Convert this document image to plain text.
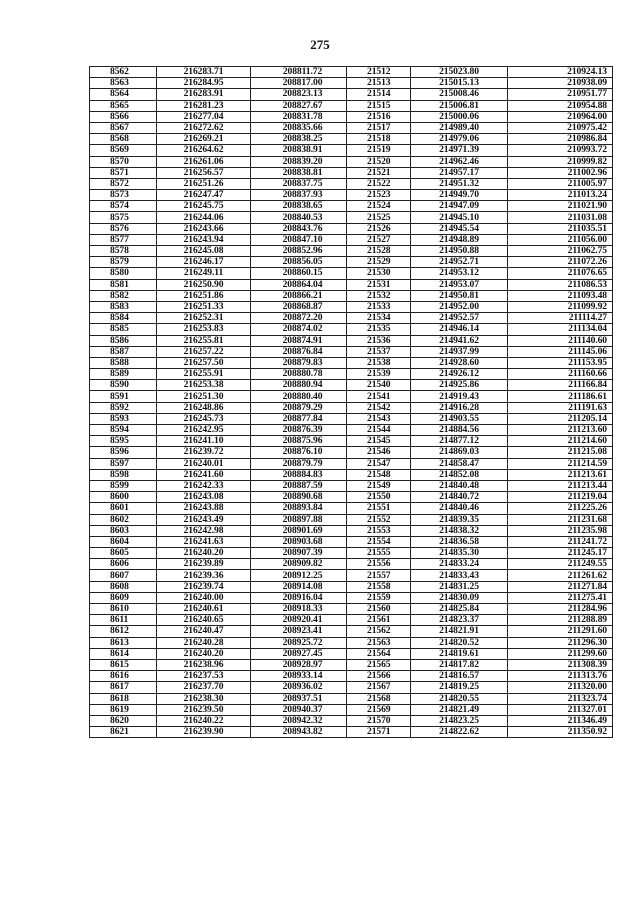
275
8562	216283.71	208811.72	21512	215023.80	210924.13
8563	216284.95	208817.00	21513	215015.13	210938.09
8564	216283.91	208823.13	21514	215008.46	210951.77
8565	216281.23	208827.67	21515	215006.81	210954.88
8566	216277.04	208831.78	21516	215000.06	210964.00
8567	216272.62	208835.66	21517	214989.40	210975.42
8568	216269.21	208838.25	21518	214979.06	210986.84
8569	216264.62	208838.91	21519	214971.39	210993.72
8570	216261.06	208839.20	21520	214962.46	210999.82
8571	216256.57	208838.81	21521	214957.17	211002.96
8572	216251.26	208837.75	21522	214951.32	211005.97
8573	216247.47	208837.93	21523	214949.70	211013.24
8574	216245.75	208838.65	21524	214947.09	211021.90
8575	216244.06	208840.53	21525	214945.10	211031.08
8576	216243.66	208843.76	21526	214945.54	211035.51
8577	216243.94	208847.10	21527	214948.89	211056.00
8578	216245.08	208852.96	21528	214950.88	211062.75
8579	216246.17	208856.05	21529	214952.71	211072.26
8580	216249.11	208860.15	21530	214953.12	211076.65
8581	216250.90	208864.04	21531	214953.07	211086.53
8582	216251.86	208866.21	21532	214950.81	211093.48
8583	216251.33	208868.87	21533	214952.00	211099.92
8584	216252.31	208872.20	21534	214952.57	211114.27
8585	216253.83	208874.02	21535	214946.14	211134.04
8586	216255.81	208874.91	21536	214941.62	211140.60
8587	216257.22	208876.84	21537	214937.99	211145.06
8588	216257.50	208879.83	21538	214928.60	211153.95
8589	216255.91	208880.78	21539	214926.12	211160.66
8590	216253.38	208880.94	21540	214925.86	211166.84
8591	216251.30	208880.40	21541	214919.43	211186.61
8592	216248.86	208879.29	21542	214916.28	211191.63
8593	216245.73	208877.84	21543	214903.55	211205.14
8594	216242.95	208876.39	21544	214884.56	211213.60
8595	216241.10	208875.96	21545	214877.12	211214.60
8596	216239.72	208876.10	21546	214869.03	211215.08
8597	216240.01	208879.79	21547	214858.47	211214.59
8598	216241.60	208884.83	21548	214852.08	211213.61
8599	216242.33	208887.59	21549	214840.48	211213.44
8600	216243.08	208890.68	21550	214840.72	211219.04
8601	216243.88	208893.84	21551	214840.46	211225.26
8602	216243.49	208897.88	21552	214839.35	211231.68
8603	216242.98	208901.69	21553	214838.32	211235.98
8604	216241.63	208903.68	21554	214836.58	211241.72
8605	216240.20	208907.39	21555	214835.30	211245.17
8606	216239.89	208909.82	21556	214833.24	211249.55
8607	216239.36	208912.25	21557	214833.43	211261.62
8608	216239.74	208914.08	21558	214831.25	211271.84
8609	216240.00	208916.04	21559	214830.09	211275.41
8610	216240.61	208918.33	21560	214825.84	211284.96
8611	216240.65	208920.41	21561	214823.37	211288.89
8612	216240.47	208923.41	21562	214821.91	211291.60
8613	216240.28	208925.72	21563	214820.52	211296.30
8614	216240.20	208927.45	21564	214819.61	211299.60
8615	216238.96	208928.97	21565	214817.82	211308.39
8616	216237.53	208933.14	21566	214816.57	211313.76
8617	216237.70	208936.02	21567	214819.25	211320.00
8618	216238.30	208937.51	21568	214820.55	211323.74
8619	216239.50	208940.37	21569	214821.49	211327.01
8620	216240.22	208942.32	21570	214823.25	211346.49
8621	216239.90	208943.82	21571	214822.62	211350.92
